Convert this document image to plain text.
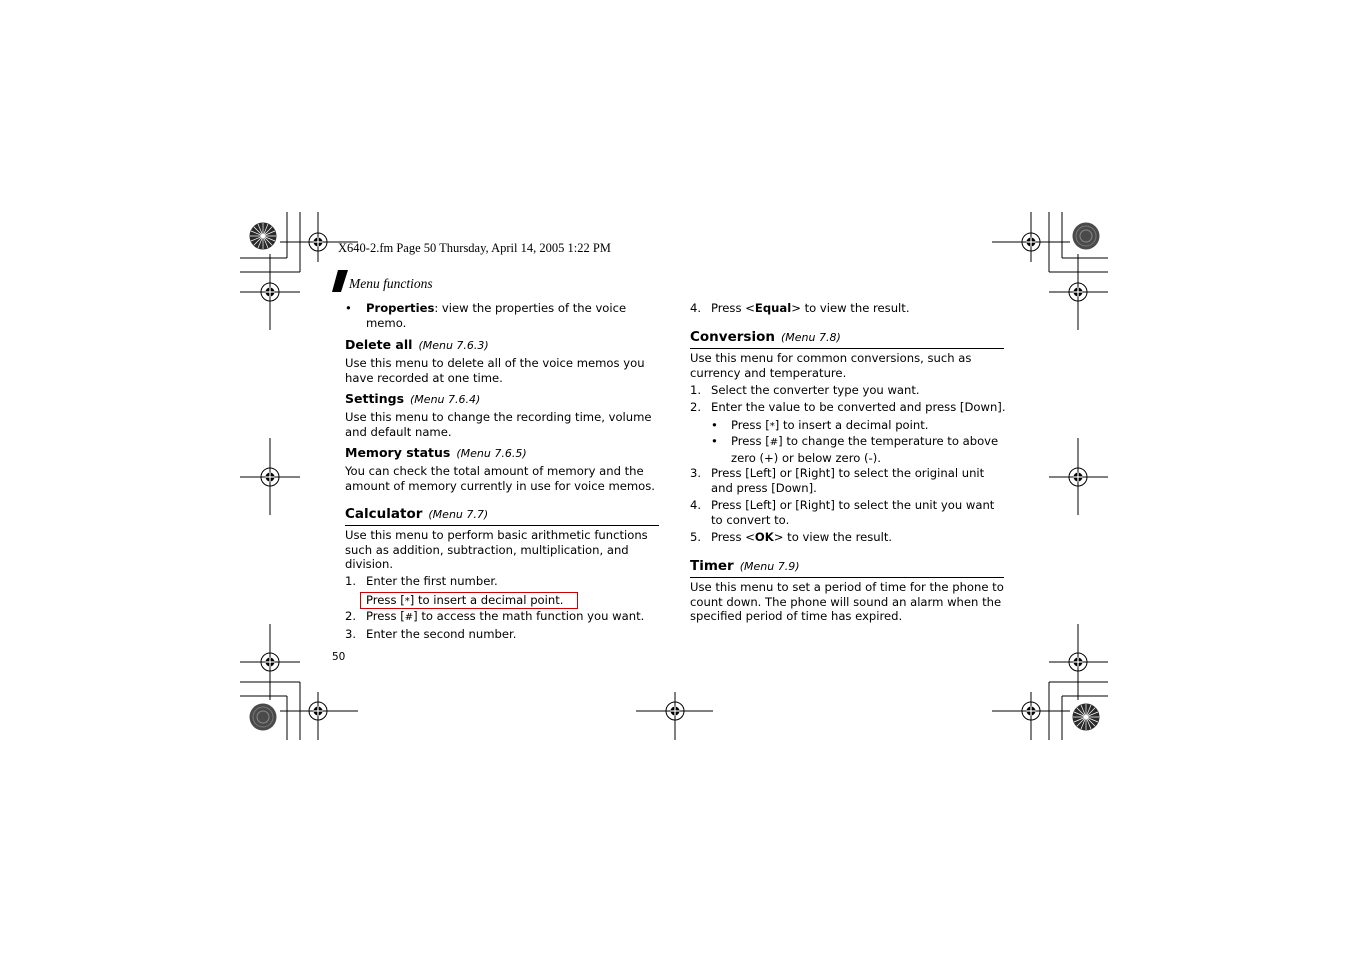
X640-2.fm Page 50 Thursday, April 14, 2005 1:22 PM
Menu functions
• Properties: view the properties of the voice memo.
Delete all (Menu 7.6.3)
Use this menu to delete all of the voice memos you have recorded at one time.
Settings (Menu 7.6.4)
Use this menu to change the recording time, volume and default name.
Memory status (Menu 7.6.5)
You can check the total amount of memory and the amount of memory currently in use for voice memos.
Calculator (Menu 7.7)
Use this menu to perform basic arithmetic functions such as addition, subtraction, multiplication, and division.
1. Enter the first number.
Press [*] to insert a decimal point.
2. Press [#] to access the math function you want.
3. Enter the second number.
50
4. Press <Equal> to view the result.
Conversion (Menu 7.8)
Use this menu for common conversions, such as currency and temperature.
1. Select the converter type you want.
2. Enter the value to be converted and press [Down].
• Press [*] to insert a decimal point.
• Press [#] to change the temperature to above zero (+) or below zero (-).
3. Press [Left] or [Right] to select the original unit and press [Down].
4. Press [Left] or [Right] to select the unit you want to convert to.
5. Press <OK> to view the result.
Timer (Menu 7.9)
Use this menu to set a period of time for the phone to count down. The phone will sound an alarm when the specified period of time has expired.
